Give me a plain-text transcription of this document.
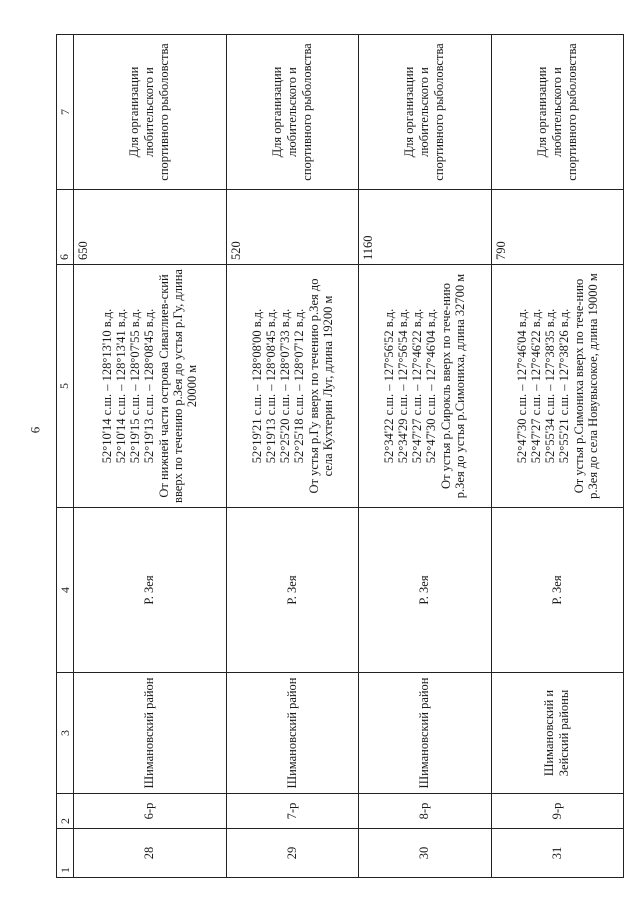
6
1	2	3	4	5	6	7
28	6-р	Шимановский район	Р. Зея	52°10'14 с.ш. – 128°13'10 в.д. 52°10'14 с.ш. – 128°13'41 в.д. 52°19'15 с.ш. – 128°07'55 в.д. 52°19'13 с.ш. – 128°08'45 в.д. От нижней части острова Сиваглиев-ский вверх по течению р.Зея до устья р.Гу, длина 20000 м	650	Для организации любительского и спортивного рыболовства
29	7-р	Шимановский район	Р. Зея	52°19'21 с.ш. – 128°08'00 в.д. 52°19'13 с.ш. – 128°08'45 в.д. 52°25'20 с.ш. – 128°07'33 в.д. 52°25'18 с.ш. – 128°07'12 в.д. От устья р.Гу вверх по течению р.Зея до села Кухтерин Луг, длина 19200 м	520	Для организации любительского и спортивного рыболовства
30	8-р	Шимановский район	Р. Зея	52°34'22 с.ш. – 127°56'52 в.д. 52°34'29 с.ш. – 127°56'54 в.д. 52°47'27 с.ш. – 127°46'22 в.д. 52°47'30 с.ш. – 127°46'04 в.д. От устья р.Сирокль вверх по тече-нию р.Зея до устья р.Симониха, длина 32700 м	1160	Для организации любительского и спортивного рыболовства
31	9-р	Шимановский и Зейский районы	Р. Зея	52°47'30 с.ш. – 127°46'04 в.д. 52°47'27 с.ш. – 127°46'22 в.д. 52°55'34 с.ш. – 127°38'35 в.д. 52°55'21 с.ш. – 127°38'26 в.д. От устья р.Симониха вверх по тече-нию р.Зея до села Новувысокое, длина 19000 м	790	Для организации любительского и спортивного рыболовства
